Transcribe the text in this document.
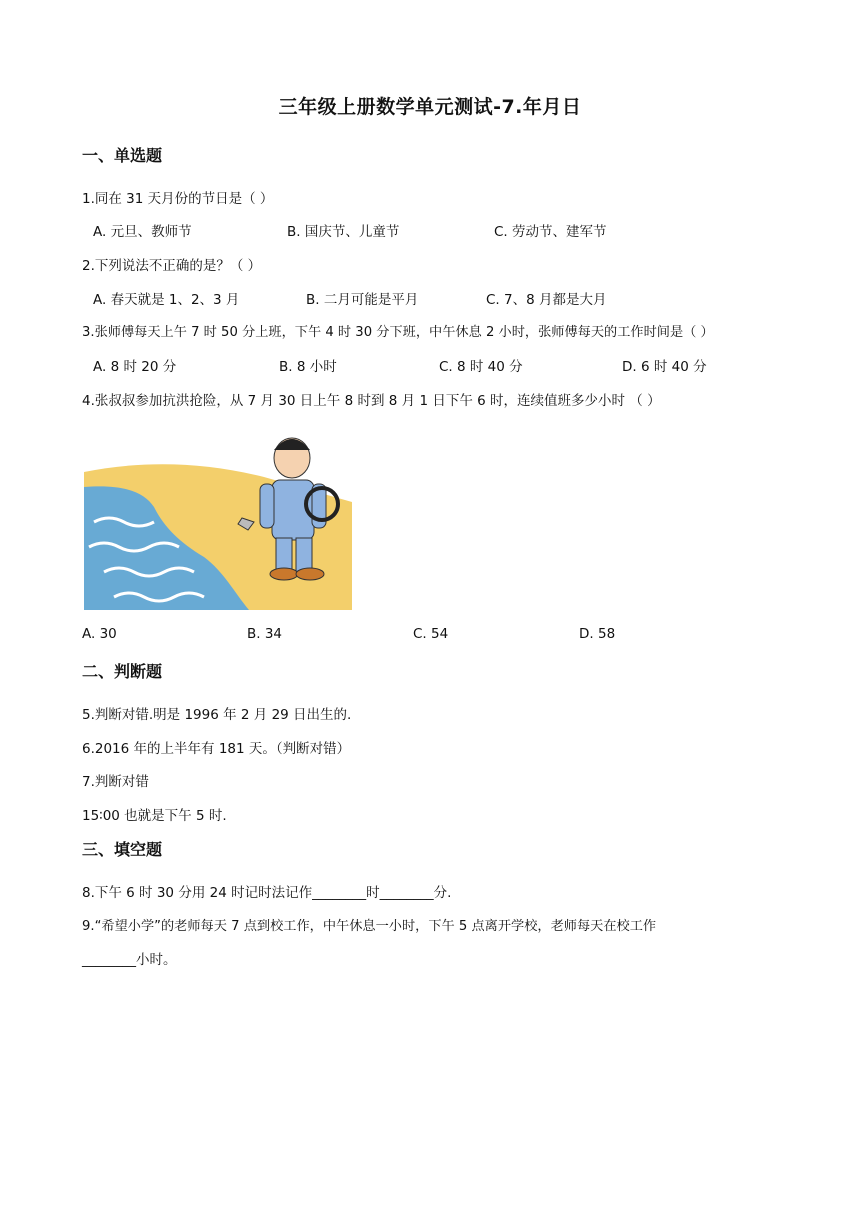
三年级上册数学单元测试-7.年月日
一、单选题
1.同在 31 天月份的节日是（ ）
A. 元旦、教师节	B. 国庆节、儿童节	C. 劳动节、建军节
2.下列说法不正确的是？（ ）
A. 春天就是 1、2、3 月	B. 二月可能是平月	C. 7、8 月都是大月
3.张师傅每天上午 7 时 50 分上班，下午 4 时 30 分下班，中午休息 2 小时，张师傅每天的工作时间是（ ）
A. 8 时 20 分	B. 8 小时	C. 8 时 40 分	D. 6 时 40 分
4.张叔叔参加抗洪抢险，从 7 月 30 日上午 8 时到 8 月 1 日下午 6 时，连续值班多少小时 （ ）
A. 30	B. 34	C. 54	D. 58
二、判断题
5.判断对错.明是 1996 年 2 月 29 日出生的.
6.2016 年的上半年有 181 天。（判断对错）
7.判断对错
15∶00 也就是下午 5 时.
三、填空题
8.下午 6 时 30 分用 24 时记时法记作________时________分.
9.“希望小学”的老师每天 7 点到校工作，中午休息一小时，下午 5 点离开学校，老师每天在校工作
________小时。
